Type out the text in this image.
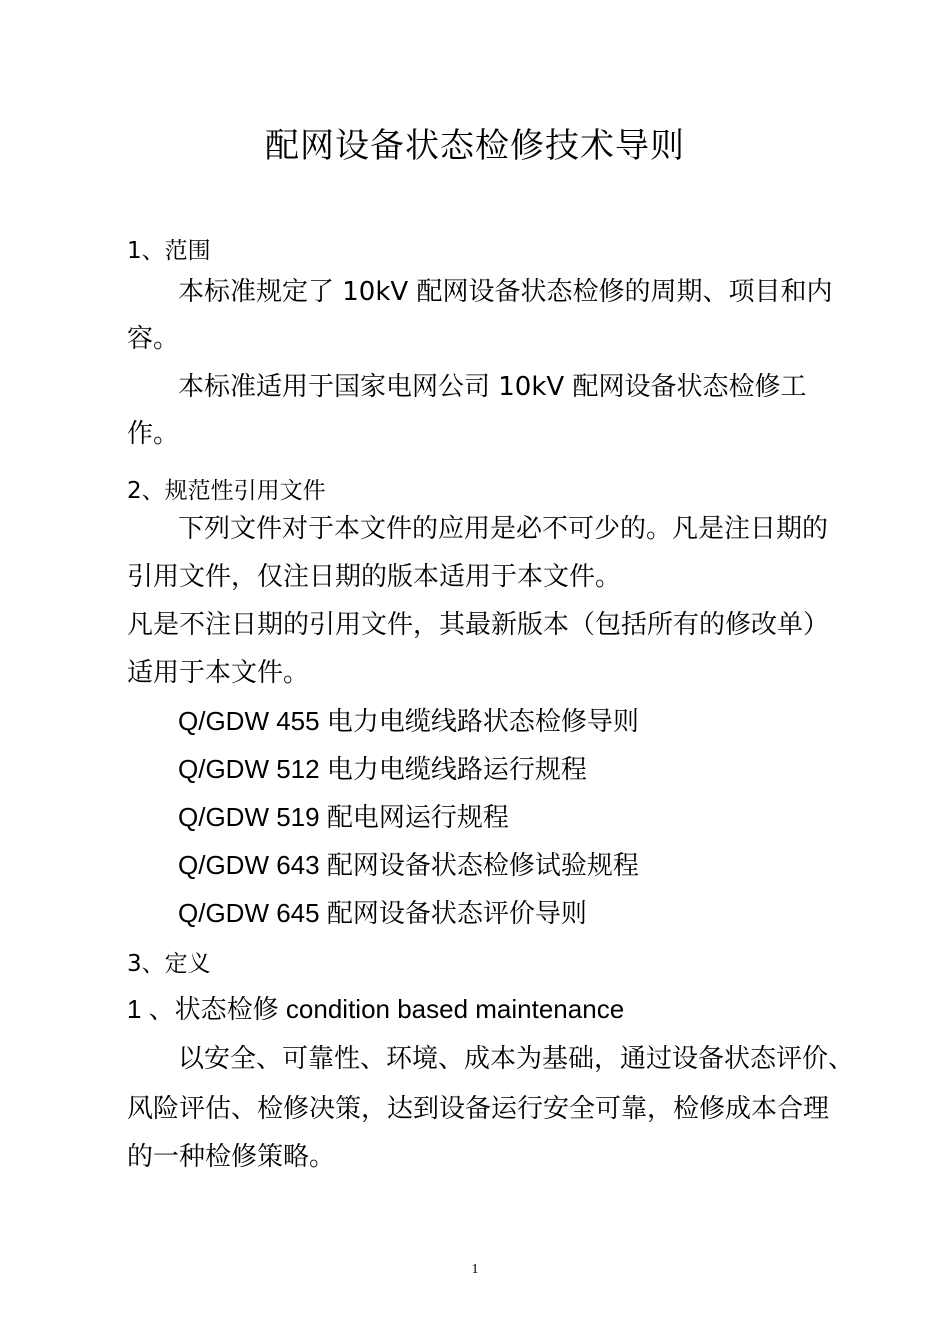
配网设备状态检修技术导则
1、范围
本标准规定了 10kV 配网设备状态检修的周期、项目和内
容。
本标准适用于国家电网公司 10kV 配网设备状态检修工
作。
2、规范性引用文件
下列文件对于本文件的应用是必不可少的。凡是注日期的
引用文件，仅注日期的版本适用于本文件。
凡是不注日期的引用文件，其最新版本（包括所有的修改单）
适用于本文件。
Q/GDW 455 电力电缆线路状态检修导则
Q/GDW 512 电力电缆线路运行规程
Q/GDW 519 配电网运行规程
Q/GDW 643 配网设备状态检修试验规程
Q/GDW 645 配网设备状态评价导则
3、定义
1 、状态检修 condition based maintenance
以安全、可靠性、环境、成本为基础，通过设备状态评价、
风险评估、检修决策，达到设备运行安全可靠，检修成本合理
的一种检修策略。
1
